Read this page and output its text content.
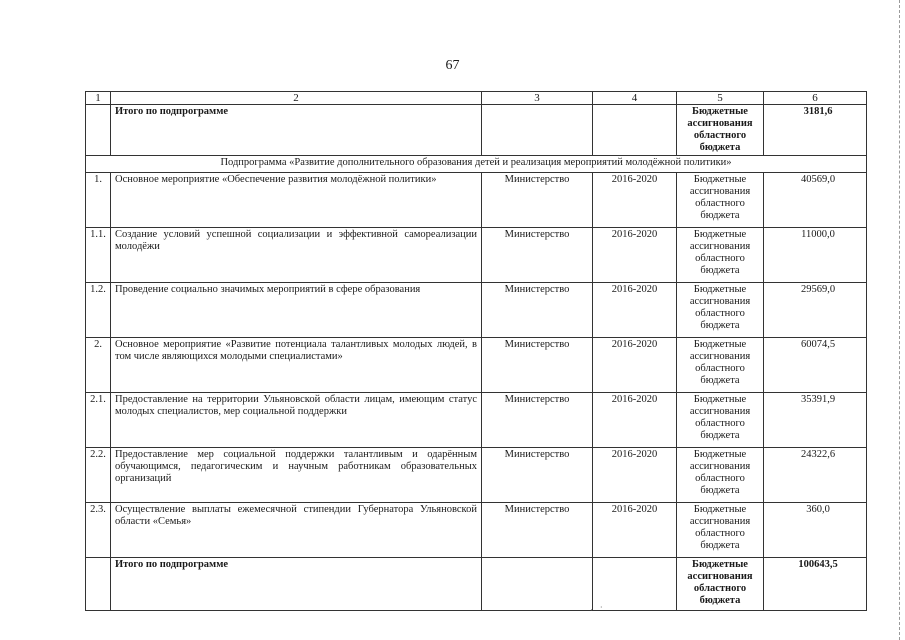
67
1	2	3	4	5	6
	Итого по подпрограмме			Бюджетные ассигнования областного бюджета	3181,6
Подпрограмма «Развитие дополнительного образования детей и реализация мероприятий молодёжной политики»					
1.	Основное мероприятие «Обеспечение развития молодёжной политики»	Министерство	2016-2020	Бюджетные ассигнования областного бюджета	40569,0
1.1.	Создание условий успешной социализации и эффективной самореализации молодёжи	Министерство	2016-2020	Бюджетные ассигнования областного бюджета	11000,0
1.2.	Проведение социально значимых мероприятий в сфере образования	Министерство	2016-2020	Бюджетные ассигнования областного бюджета	29569,0
2.	Основное мероприятие «Развитие потенциала талантливых молодых людей, в том числе являющихся молодыми специалистами»	Министерство	2016-2020	Бюджетные ассигнования областного бюджета	60074,5
2.1.	Предоставление на территории Ульяновской области лицам, имеющим статус молодых специалистов, мер социальной поддержки	Министерство	2016-2020	Бюджетные ассигнования областного бюджета	35391,9
2.2.	Предоставление мер социальной поддержки талантливым и одарённым обучающимся, педагогическим и научным работникам образовательных организаций	Министерство	2016-2020	Бюджетные ассигнования областного бюджета	24322,6
2.3.	Осуществление выплаты ежемесячной стипендии Губернатора Ульяновской области «Семья»	Министерство	2016-2020	Бюджетные ассигнования областного бюджета	360,0
	Итого по подпрограмме			Бюджетные ассигнования областного бюджета	100643,5
·   ˙
